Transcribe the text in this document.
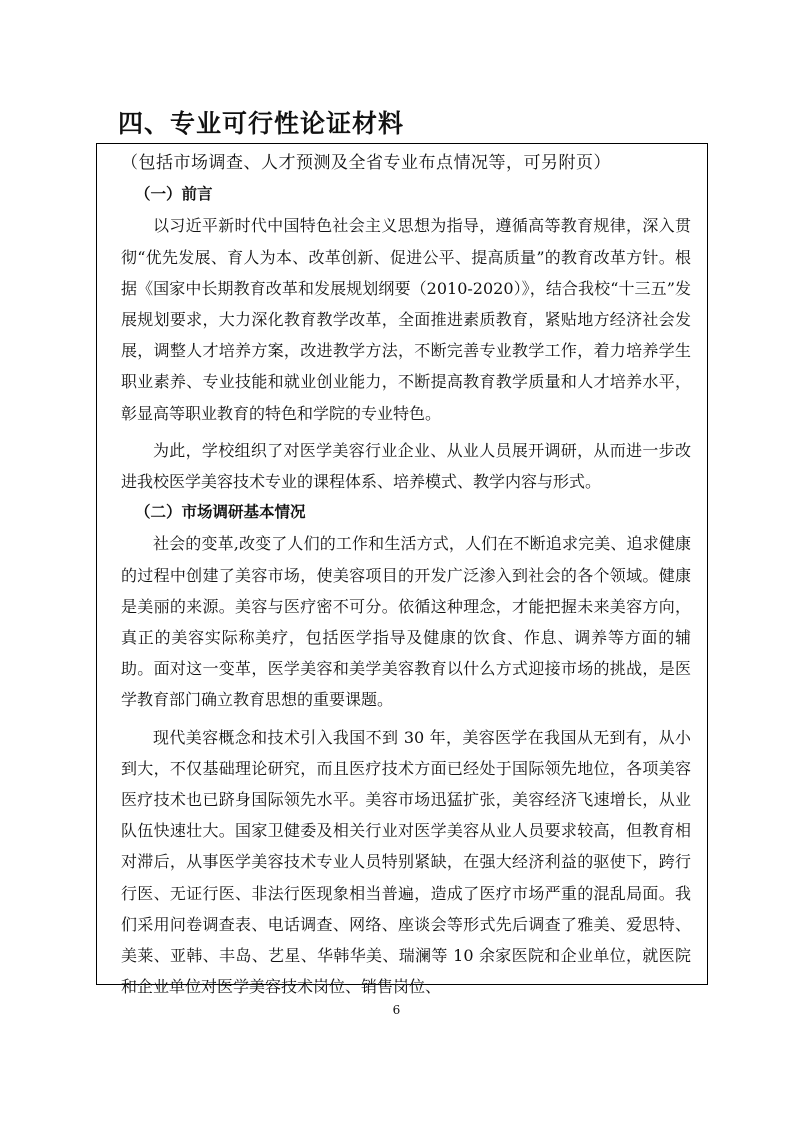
四、专业可行性论证材料

（包括市场调查、人才预测及全省专业布点情况等，可另附页）

（一）前言

以习近平新时代中国特色社会主义思想为指导，遵循高等教育规律，深入贯彻“优先发展、育人为本、改革创新、促进公平、提高质量”的教育改革方针。根据《国家中长期教育改革和发展规划纲要（2010-2020）》，结合我校“十三五”发展规划要求，大力深化教育教学改革，全面推进素质教育，紧贴地方经济社会发展，调整人才培养方案，改进教学方法，不断完善专业教学工作，着力培养学生职业素养、专业技能和就业创业能力，不断提高教育教学质量和人才培养水平，彰显高等职业教育的特色和学院的专业特色。

为此，学校组织了对医学美容行业企业、从业人员展开调研，从而进一步改进我校医学美容技术专业的课程体系、培养模式、教学内容与形式。

（二）市场调研基本情况

社会的变革,改变了人们的工作和生活方式，人们在不断追求完美、追求健康的过程中创建了美容市场，使美容项目的开发广泛渗入到社会的各个领域。健康是美丽的来源。美容与医疗密不可分。依循这种理念，才能把握未来美容方向，真正的美容实际称美疗，包括医学指导及健康的饮食、作息、调养等方面的辅助。面对这一变革，医学美容和美学美容教育以什么方式迎接市场的挑战，是医学教育部门确立教育思想的重要课题。

现代美容概念和技术引入我国不到 30 年，美容医学在我国从无到有，从小到大，不仅基础理论研究，而且医疗技术方面已经处于国际领先地位，各项美容医疗技术也已跻身国际领先水平。美容市场迅猛扩张，美容经济飞速增长，从业队伍快速壮大。国家卫健委及相关行业对医学美容从业人员要求较高，但教育相对滞后，从事医学美容技术专业人员特别紧缺，在强大经济利益的驱使下，跨行行医、无证行医、非法行医现象相当普遍，造成了医疗市场严重的混乱局面。我们采用问卷调查表、电话调查、网络、座谈会等形式先后调查了雅美、爱思特、美莱、亚韩、丰岛、艺星、华韩华美、瑞澜等 10 余家医院和企业单位，就医院和企业单位对医学美容技术岗位、销售岗位、

6
